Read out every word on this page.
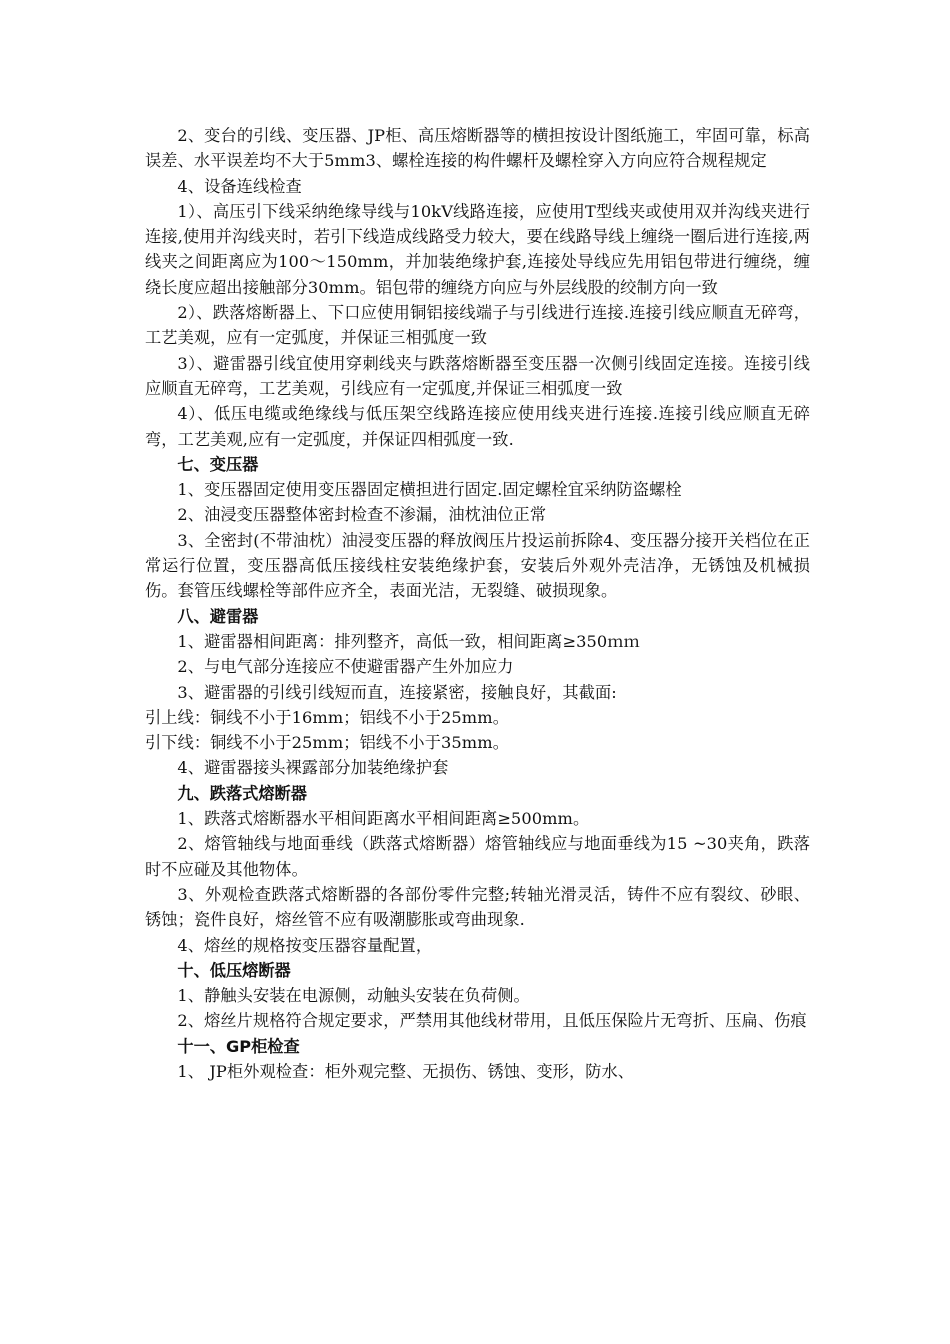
2、变台的引线、变压器、JP柜、高压熔断器等的横担按设计图纸施工，牢固可靠，标高误差、水平误差均不大于5mm3、螺栓连接的构件螺杆及螺栓穿入方向应符合规程规定

4、设备连线检查

1）、高压引下线采纳绝缘导线与10kV线路连接，应使用T型线夹或使用双并沟线夹进行连接,使用并沟线夹时，若引下线造成线路受力较大，要在线路导线上缠绕一圈后进行连接,两线夹之间距离应为100～150mm，并加装绝缘护套,连接处导线应先用铝包带进行缠绕，缠绕长度应超出接触部分30mm。铝包带的缠绕方向应与外层线股的绞制方向一致

2）、跌落熔断器上、下口应使用铜铝接线端子与引线进行连接.连接引线应顺直无碎弯，工艺美观，应有一定弧度，并保证三相弧度一致

3）、避雷器引线宜使用穿刺线夹与跌落熔断器至变压器一次侧引线固定连接。连接引线应顺直无碎弯，工艺美观，引线应有一定弧度,并保证三相弧度一致

4）、低压电缆或绝缘线与低压架空线路连接应使用线夹进行连接.连接引线应顺直无碎弯，工艺美观,应有一定弧度，并保证四相弧度一致.

七、变压器

1、变压器固定使用变压器固定横担进行固定.固定螺栓宜采纳防盗螺栓

2、油浸变压器整体密封检查不渗漏，油枕油位正常

3、全密封(不带油枕）油浸变压器的释放阀压片投运前拆除4、变压器分接开关档位在正常运行位置，变压器高低压接线柱安装绝缘护套，安装后外观外壳洁净，无锈蚀及机械损伤。套管压线螺栓等部件应齐全，表面光洁，无裂缝、破损现象。

八、避雷器

1、避雷器相间距离：排列整齐，高低一致，相间距离≥350ｍｍ

2、与电气部分连接应不使避雷器产生外加应力

3、避雷器的引线引线短而直，连接紧密，接触良好，其截面:

引上线：铜线不小于16mm；铝线不小于25mm。

引下线：铜线不小于25mm；铝线不小于35mm。

4、避雷器接头裸露部分加装绝缘护套

九、跌落式熔断器

1、跌落式熔断器水平相间距离水平相间距离≥500mm。

2、熔管轴线与地面垂线（跌落式熔断器）熔管轴线应与地面垂线为15 ~30夹角，跌落时不应碰及其他物体。

3、外观检查跌落式熔断器的各部份零件完整;转轴光滑灵活，铸件不应有裂纹、砂眼、锈蚀；瓷件良好，熔丝管不应有吸潮膨胀或弯曲现象.

4、熔丝的规格按变压器容量配置，

十、低压熔断器

1、静触头安装在电源侧，动触头安装在负荷侧。

2、熔丝片规格符合规定要求，严禁用其他线材带用，且低压保险片无弯折、压扁、伤痕

十一、GP柜检查

1、 JP柜外观检查：柜外观完整、无损伤、锈蚀、变形，防水、
